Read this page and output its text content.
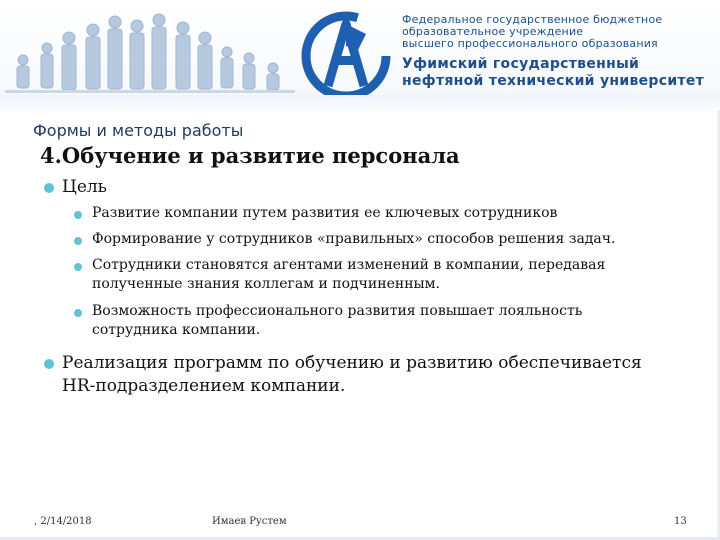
Федеральное государственное бюджетное
образовательное учреждение
высшего профессионального образования
Уфимский государственный
нефтяной технический университет
Формы и методы работы
4.Обучение и развитие персонала
Цель
Развитие компании путем развития ее ключевых сотрудников
Формирование у сотрудников «правильных» способов решения задач.
Сотрудники становятся агентами изменений в компании, передавая полученные знания коллегам и подчиненным.
Возможность профессионального развития повышает лояльность сотрудника компании.
Реализация программ по обучению и развитию обеспечивается HR-подразделением компании.
, 2/14/2018	Имаев Рустем	13
